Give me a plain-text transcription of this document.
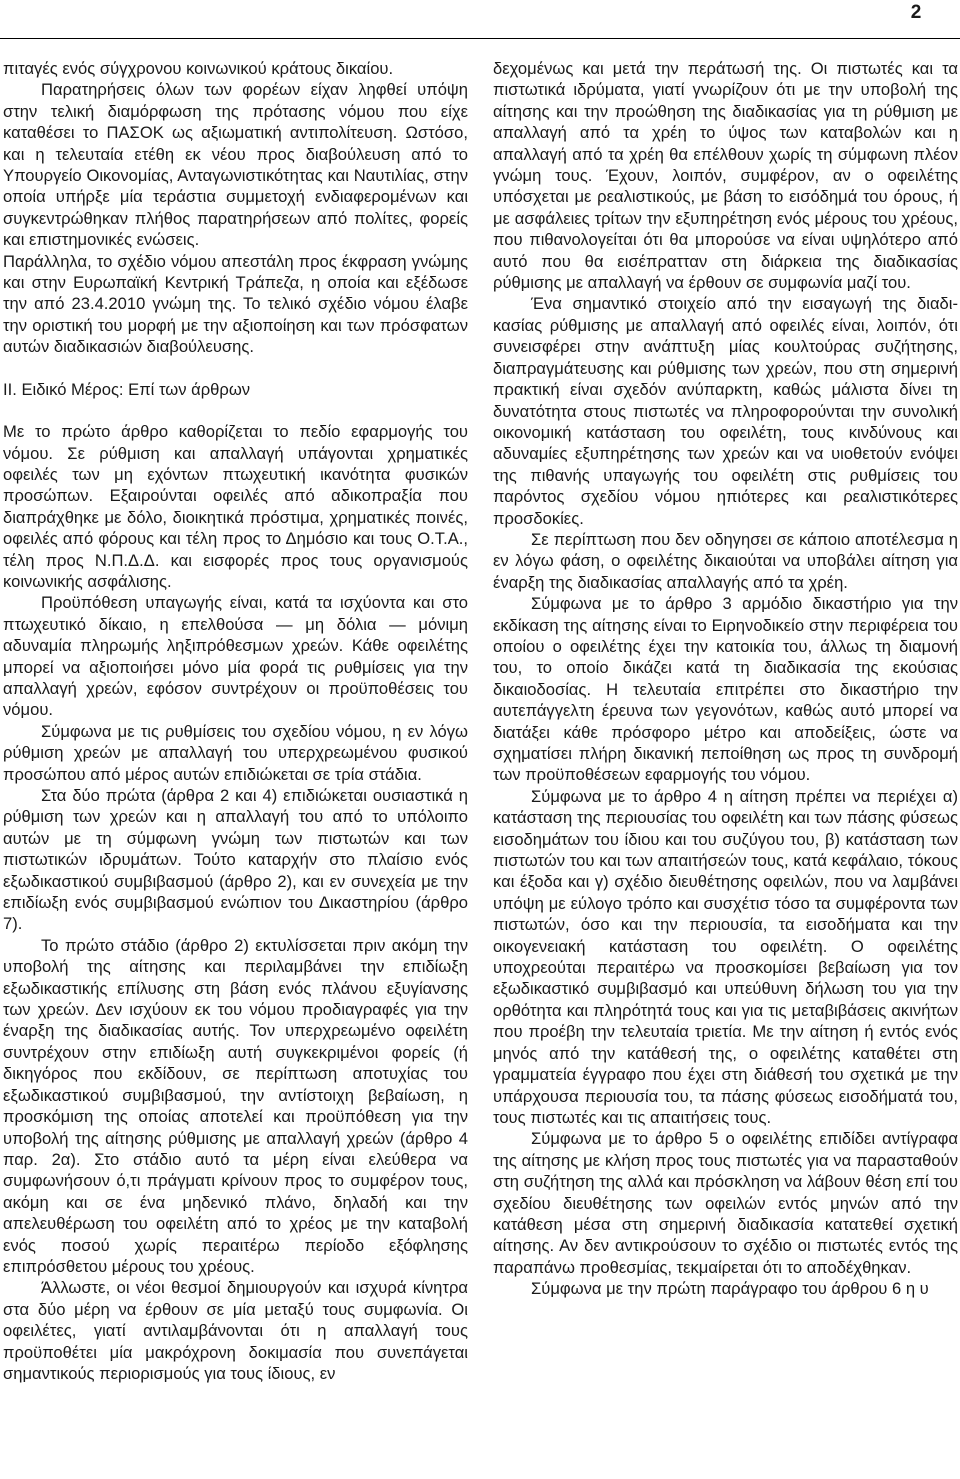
2

πιταγές ενός σύγχρονου κοινωνικού κράτους δικαίου.

Παρατηρήσεις όλων των φορέων είχαν ληφθεί υπόψη στην τελική διαμόρφωση της πρότασης νόμου που είχε καταθέσει το ΠΑΣΟΚ ως αξιωματική αντιπολίτευση. Ωστόσο, και η τελευταία ετέθη εκ νέου προς διαβούλευση από το Υπουργείο Οικονομίας, Ανταγωνιστικότητας και Ναυτιλίας, στην οποία υπήρξε μία τεράστια συμμετοχή ενδιαφερομένων και συγκεντρώθηκαν πλήθος παρατηρήσεων από πολίτες, φορείς και επιστημονικές ενώσεις.

Παράλληλα, το σχέδιο νόμου απεστάλη προς έκφραση γνώμης και στην Ευρωπαϊκή Κεντρική Τράπεζα, η οποία και εξέδωσε την από 23.4.2010 γνώμη της. Το τελικό σχέδιο νόμου έλαβε την οριστική του μορφή με την αξιοποίηση και των πρόσφατων αυτών διαδικασιών διαβούλευσης.

ΙΙ. Ειδικό Μέρος: Επί των άρθρων

Με το πρώτο άρθρο καθορίζεται το πεδίο εφαρμογής του νόμου. Σε ρύθμιση και απαλλαγή υπάγονται χρηματικές οφειλές των μη εχόντων πτωχευτική ικανότητα φυσικών προσώπων. Εξαιρούνται οφειλές από αδικοπραξία που διαπράχθηκε με δόλο, διοικητικά πρόστιμα, χρηματικές ποινές, οφειλές από φόρους και τέλη προς το Δημόσιο και τους Ο.Τ.Α., τέλη προς Ν.Π.Δ.Δ. και εισφορές προς τους οργανισμούς κοινωνικής ασφάλισης.

Προϋπόθεση υπαγωγής είναι, κατά τα ισχύοντα και στο πτωχευτικό δίκαιο, η επελθούσα — μη δόλια — μόνιμη αδυναμία πληρωμής ληξιπρόθεσμων χρεών. Κάθε οφειλέτης μπορεί να αξιοποιήσει μόνο μία φορά τις ρυθμίσεις για την απαλλαγή χρεών, εφόσον συντρέχουν οι προϋποθέσεις του νόμου.

Σύμφωνα με τις ρυθμίσεις του σχεδίου νόμου, η εν λόγω ρύθμιση χρεών με απαλλαγή του υπερχρεωμένου φυσικού προσώπου από μέρος αυτών επιδιώκεται σε τρία στάδια.

Στα δύο πρώτα (άρθρα 2 και 4) επιδιώκεται ουσιαστικά η ρύθμιση των χρεών και η απαλλαγή του από το υπόλοιπο αυτών με τη σύμφωνη γνώμη των πιστωτών και των πιστωτικών ιδρυμάτων. Τούτο καταρχήν στο πλαίσιο ενός εξωδικαστικού συμβιβασμού (άρθρο 2), και εν συνεχεία με την επιδίωξη ενός συμβιβασμού ενώπιον του Δικαστηρίου (άρθρο 7).

Το πρώτο στάδιο (άρθρο 2) εκτυλίσσεται πριν ακόμη την υποβολή της αίτησης και περιλαμβάνει την επιδίωξη εξωδικαστικής επίλυσης στη βάση ενός πλάνου εξυγίανσης των χρεών. Δεν ισχύουν εκ του νόμου προδιαγραφές για την έναρξη της διαδικασίας αυτής. Τον υπερχρεωμένο οφειλέτη συντρέχουν στην επιδίωξη αυτή συγκεκριμένοι φορείς (ή δικηγόρος που εκδίδουν, σε περίπτωση αποτυχίας του εξωδικαστικού συμβιβασμού, την αντίστοιχη βεβαίωση, η προσκόμιση της οποίας αποτελεί και προϋπόθεση για την υποβολή της αίτησης ρύθμισης με απαλλαγή χρεών (άρθρο 4 παρ. 2α). Στο στάδιο αυτό τα μέρη είναι ελεύθερα να συμφωνήσουν ό,τι πράγματι κρίνουν προς το συμφέρον τους, ακόμη και σε ένα μηδενικό πλάνο, δηλαδή και την απελευθέρωση του οφειλέτη από το χρέος με την καταβολή ενός ποσού χωρίς περαιτέρω περίοδο εξόφλησης επιπρόσθετου μέρους του χρέους.

Άλλωστε, οι νέοι θεσμοί δημιουργούν και ισχυρά κίνητρα στα δύο μέρη να έρθουν σε μία μεταξύ τους συμφωνία. Οι οφειλέτες, γιατί αντιλαμβάνονται ότι η απαλλαγή τους προϋποθέτει μία μακρόχρονη δοκιμασία που συνεπάγεται σημαντικούς περιορισμούς για τους ίδιους, εν

δεχομένως και μετά την περάτωσή της. Οι πιστωτές και τα πιστωτικά ιδρύματα, γιατί γνωρίζουν ότι με την υποβολή της αίτησης και την προώθηση της διαδικασίας για τη ρύθμιση με απαλλαγή από τα χρέη το ύψος των καταβολών και η απαλλαγή από τα χρέη θα επέλθουν χωρίς τη σύμφωνη πλέον γνώμη τους. Έχουν, λοιπόν, συμφέρον, αν ο οφειλέτης υπόσχεται με ρεαλιστικούς, με βάση το εισόδημά του όρους, ή με ασφάλειες τρίτων την εξυπηρέτηση ενός μέρους του χρέους, που πιθανολογείται ότι θα μπορούσε να είναι υψηλότερο από αυτό που θα εισέπρατταν στη διάρκεια της διαδικασίας ρύθμισης με απαλλαγή να έρθουν σε συμφωνία μαζί του.

Ένα σημαντικό στοιχείο από την εισαγωγή της διαδικασίας ρύθμισης με απαλλαγή από οφειλές είναι, λοιπόν, ότι συνεισφέρει στην ανάπτυξη μίας κουλτούρας συζήτησης, διαπραγμάτευσης και ρύθμισης των χρεών, που στη σημερινή πρακτική είναι σχεδόν ανύπαρκτη, καθώς μάλιστα δίνει τη δυνατότητα στους πιστωτές να πληροφορούνται την συνολική οικονομική κατάσταση του οφειλέτη, τους κινδύνους και αδυναμίες εξυπηρέτησης των χρεών και να υιοθετούν ενόψει της πιθανής υπαγωγής του οφειλέτη στις ρυθμίσεις του παρόντος σχεδίου νόμου ηπιότερες και ρεαλιστικότερες προσδοκίες.

Σε περίπτωση που δεν οδηγησει σε κάποιο αποτέλεσμα η εν λόγω φάση, ο οφειλέτης δικαιούται να υποβάλει αίτηση για έναρξη της διαδικασίας απαλλαγής από τα χρέη.

Σύμφωνα με το άρθρο 3 αρμόδιο δικαστήριο για την εκδίκαση της αίτησης είναι το Ειρηνοδικείο στην περιφέρεια του οποίου ο οφειλέτης έχει την κατοικία του, άλλως τη διαμονή του, το οποίο δικάζει κατά τη διαδικασία της εκούσιας δικαιοδοσίας. Η τελευταία επιτρέπει στο δικαστήριο την αυτεπάγγελτη έρευνα των γεγονότων, καθώς αυτό μπορεί να διατάξει κάθε πρόσφορο μέτρο και αποδείξεις, ώστε να σχηματίσει πλήρη δικανική πεποίθηση ως προς τη συνδρομή των προϋποθέσεων εφαρμογής του νόμου.

Σύμφωνα με το άρθρο 4 η αίτηση πρέπει να περιέχει α) κατάσταση της περιουσίας του οφειλέτη και των πάσης φύσεως εισοδημάτων του ίδιου και του συζύγου του, β) κατάσταση των πιστωτών του και των απαιτήσεών τους, κατά κεφάλαιο, τόκους και έξοδα και γ) σχέδιο διευθέτησης οφειλών, που να λαμβάνει υπόψη με εύλογο τρόπο και συσχέτισ τόσο τα συμφέροντα των πιστωτών, όσο και την περιουσία, τα εισοδήματα και την οικογενειακή κατάσταση του οφειλέτη. Ο οφειλέτης υποχρεούται περαιτέρω να προσκομίσει βεβαίωση για τον εξωδικαστικό συμβιβασμό και υπεύθυνη δήλωση του για την ορθότητα και πληρότητά τους και για τις μεταβιβάσεις ακινήτων που προέβη την τελευταία τριετία. Με την αίτηση ή εντός ενός μηνός από την κατάθεσή της, ο οφειλέτης καταθέτει στη γραμματεία έγγραφο που έχει στη διάθεσή του σχετικά με την υπάρχουσα περιουσία του, τα πάσης φύσεως εισοδήματά του, τους πιστωτές και τις απαιτήσεις τους.

Σύμφωνα με το άρθρο 5 ο οφειλέτης επιδίδει αντίγραφα της αίτησης με κλήση προς τους πιστωτές για να παρασταθούν στη συζήτηση της αλλά και πρόσκληση να λάβουν θέση επί του σχεδίου διευθέτησης των οφειλών εντός μηνών από την κατάθεση μέσα στη σημερινή διαδικασία κατατεθεί σχετική αίτησης. Αν δεν αντικρούσουν το σχέδιο οι πιστωτές εντός της παραπάνω προθεσμίας, τεκμαίρεται ότι το αποδέχθηκαν.

Σύμφωνα με την πρώτη παράγραφο του άρθρου 6 η υ
